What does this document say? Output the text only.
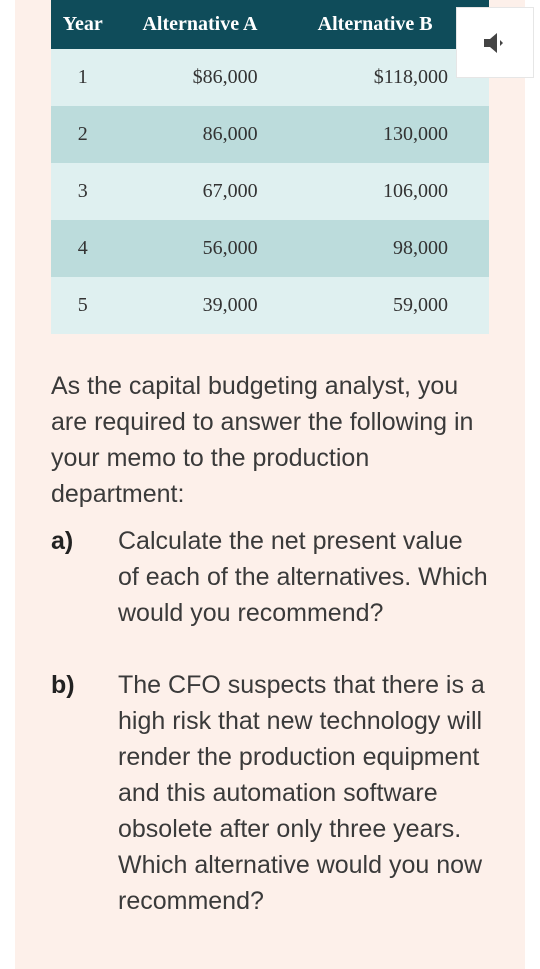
Year	Alternative A	Alternative B
1	$86,000	$118,000
2	86,000	130,000
3	67,000	106,000
4	56,000	98,000
5	39,000	59,000

As the capital budgeting analyst, you are required to answer the following in your memo to the production department:

a) Calculate the net present value of each of the alternatives. Which would you recommend?
b) The CFO suspects that there is a high risk that new technology will render the production equipment and this automation software obsolete after only three years. Which alternative would you now recommend?
